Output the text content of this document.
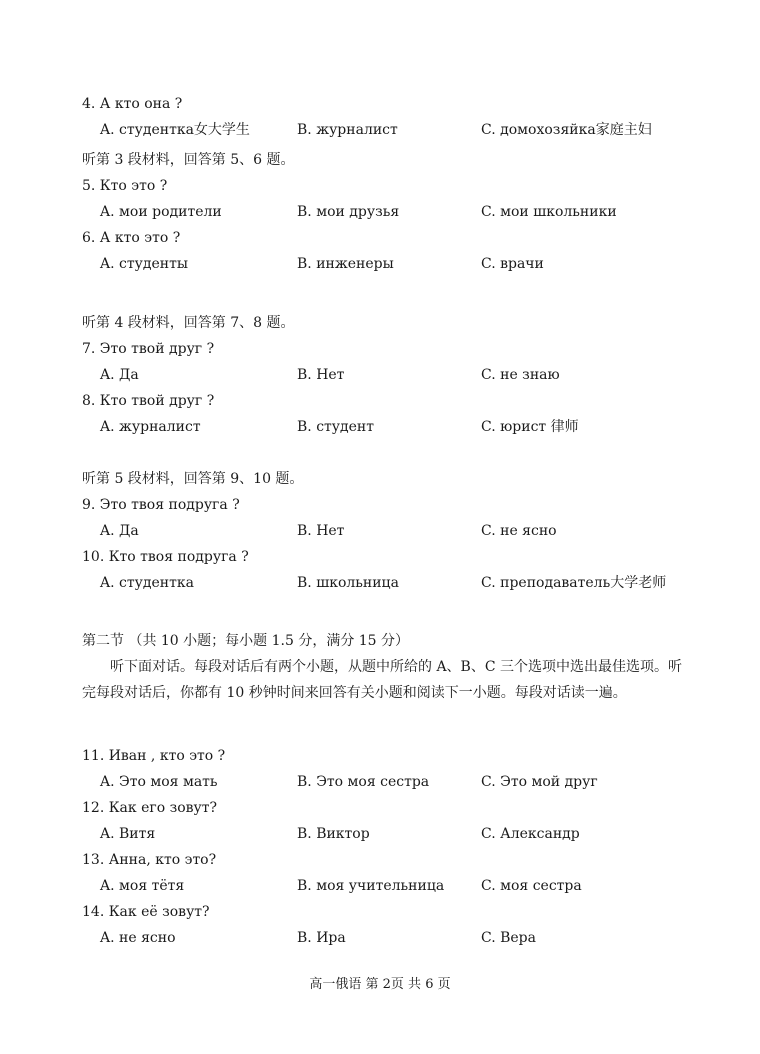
4. А кто она ?
A. студентка女大学生	B. журналист	C. домохозяйка家庭主妇
听第 3 段材料，回答第 5、6 题。
5. Кто это ?
A. мои родители	B. мои друзья	C. мои школьники
6. А кто это ?
A. студенты	B. инженеры	C. врачи
听第 4 段材料，回答第 7、8 题。
7. Это твой друг ?
A. Да	B. Нет	C. не знаю
8. Кто твой друг ?
A. журналист	B. студент	C. юрист 律师
听第 5 段材料，回答第 9、10 题。
9. Это твоя подруга ?
A. Да	B. Нет	C. не ясно
10. Кто твоя подруга ?
A. студентка	B. школьница	C. преподаватель大学老师
第二节 （共 10 小题；每小题 1.5 分，满分 15 分）
听下面对话。每段对话后有两个小题，从题中所给的 A、B、C 三个选项中选出最佳选项。听完每段对话后，你都有 10 秒钟时间来回答有关小题和阅读下一小题。每段对话读一遍。
11. Иван , кто это ?
A. Это моя мать	B. Это моя сестра	C. Это мой друг
12. Как его зовут?
A. Витя	B. Виктор	C. Александр
13. Анна, кто это?
A. моя тётя	B. моя учительница	C. моя сестра
14. Как её зовут?
A. не ясно	B. Ира	C. Вера
高一俄语 第 2页 共 6 页
